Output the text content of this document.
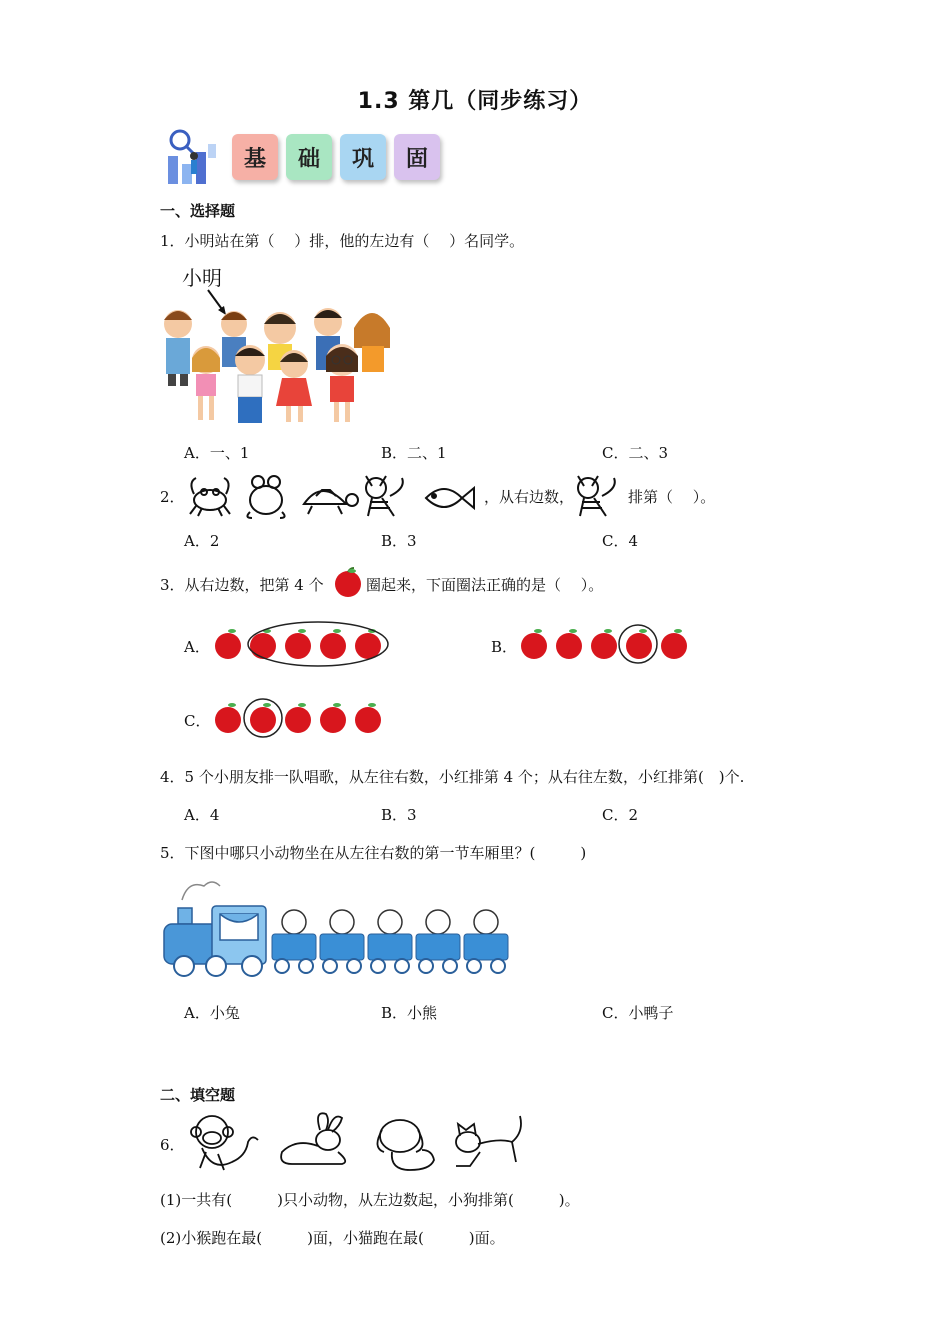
1.3 第几（同步练习）
基	础	巩	固
一、选择题
1．小明站在第（　 ）排，他的左边有（　 ）名同学。
小明
A．一、1	B．二、1	C．二、3
2．	，从右边数，	排第（　 ）。
A．2	B．3	C．4
3．从右边数，把第 4 个	圈起来，下面圈法正确的是（　 ）。
A．	B．
C．
4．5 个小朋友排一队唱歌，从左往右数，小红排第 4 个；从右往左数，小红排第(　)个.
A．4	B．3	C．2
5．下图中哪只小动物坐在从左往右数的第一节车厢里？(　　　)
A．小兔	B．小熊	C．小鸭子
二、填空题
6．
(1)一共有(　　　)只小动物，从左边数起，小狗排第(　　　)。
(2)小猴跑在最(　　　)面，小猫跑在最(　　　)面。
